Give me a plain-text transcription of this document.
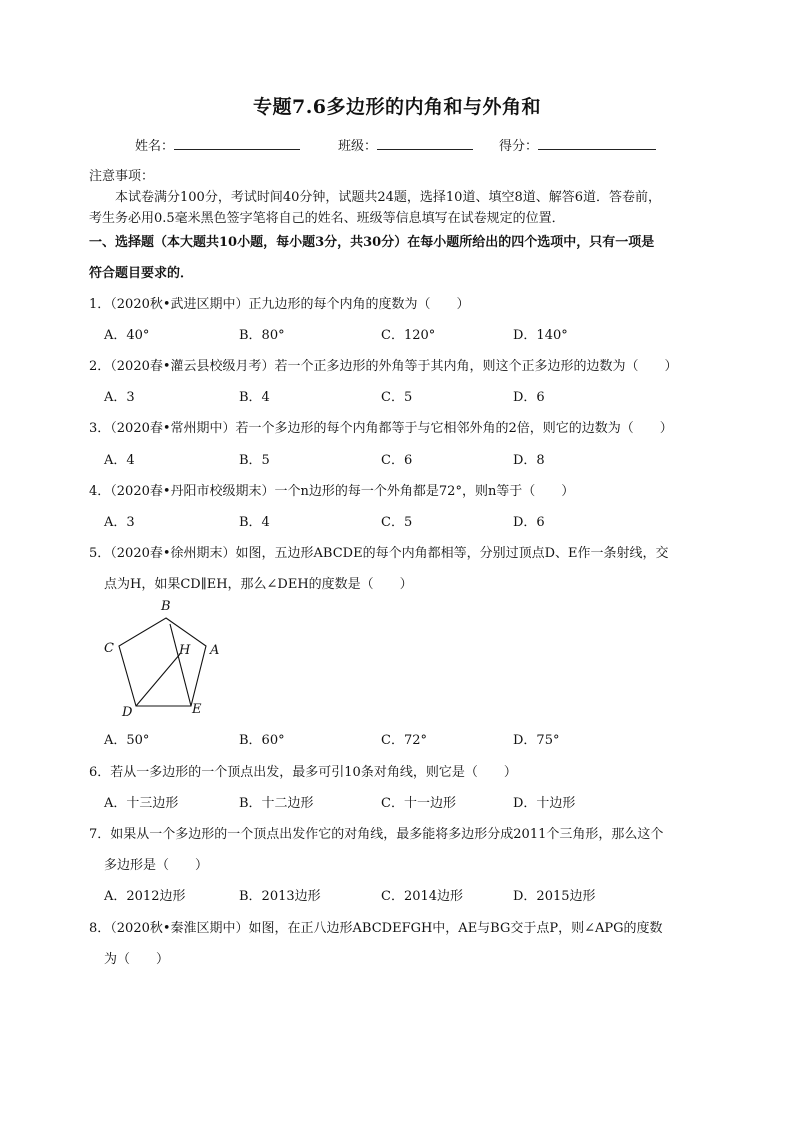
专题7.6多边形的内角和与外角和
姓名：	班级：	得分：
注意事项：
本试卷满分100分，考试时间40分钟，试题共24题，选择10道、填空8道、解答6道．答卷前，
考生务必用0.5毫米黑色签字笔将自己的姓名、班级等信息填写在试卷规定的位置．
一、选择题（本大题共10小题，每小题3分，共30分）在每小题所给出的四个选项中，只有一项是
符合题目要求的．
1．（2020秋•武进区期中）正九边形的每个内角的度数为（　　）
A．40°	B．80°	C．120°	D．140°
2．（2020春•灌云县校级月考）若一个正多边形的外角等于其内角，则这个正多边形的边数为（　　）
A．3	B．4	C．5	D．6
3．（2020春•常州期中）若一个多边形的每个内角都等于与它相邻外角的2倍，则它的边数为（　　）
A．4	B．5	C．6	D．8
4．（2020春•丹阳市校级期末）一个n边形的每一个外角都是72°，则n等于（　　）
A．3	B．4	C．5	D．6
5．（2020春•徐州期末）如图，五边形ABCDE的每个内角都相等，分别过顶点D、E作一条射线，交
点为H，如果CD∥EH，那么∠DEH的度数是（　　）
B
A
C
D	E
H
A．50°	B．60°	C．72°	D．75°
6．若从一多边形的一个顶点出发，最多可引10条对角线，则它是（　　）
A．十三边形	B．十二边形	C．十一边形	D．十边形
7．如果从一个多边形的一个顶点出发作它的对角线，最多能将多边形分成2011个三角形，那么这个
多边形是（　　）
A．2012边形	B．2013边形	C．2014边形	D．2015边形
8．（2020秋•秦淮区期中）如图，在正八边形ABCDEFGH中，AE与BG交于点P，则∠APG的度数
为（　　）
